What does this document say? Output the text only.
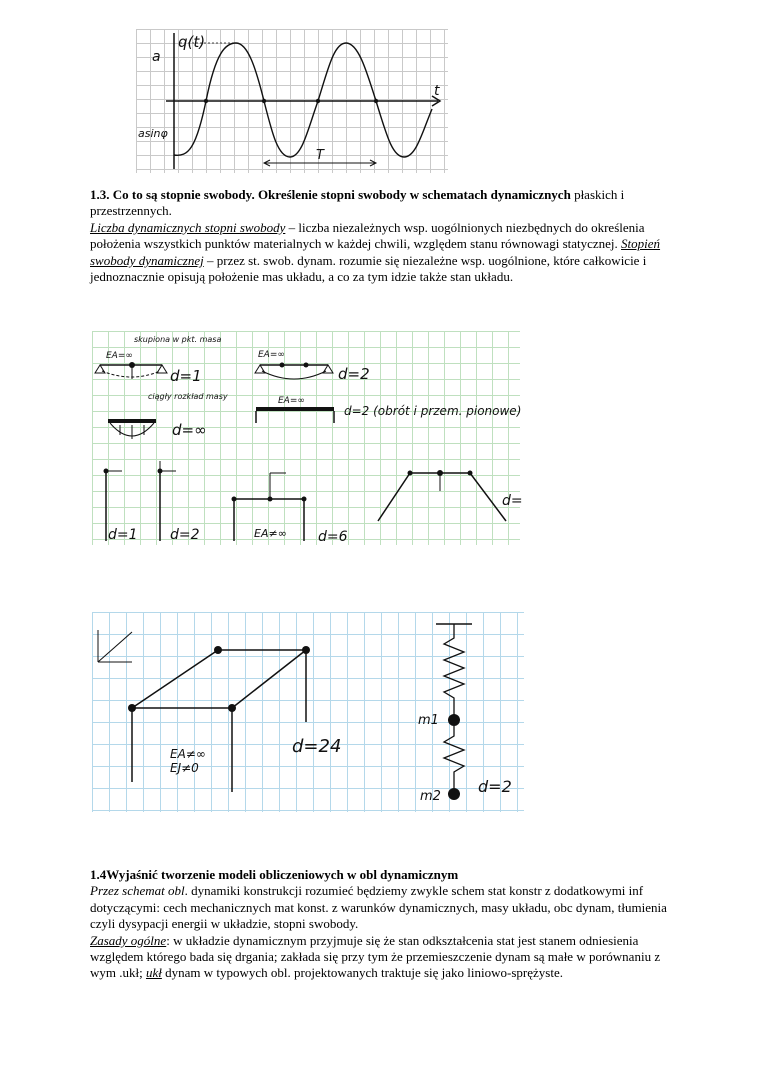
q(t)
t
a
asinφ
T

1.3. Co to są stopnie swobody. Określenie stopni swobody w schematach dynamicznych płaskich i przestrzennych.

Liczba dynamicznych stopni swobody – liczba niezależnych wsp. uogólnionych niezbędnych do określenia położenia wszystkich punktów materialnych w każdej chwili, względem stanu równowagi statycznej. Stopień swobody dynamicznej – przez st. swob. dynam. rozumie się niezależne wsp. uogólnione, które całkowicie i jednoznacznie opisują położenie mas układu, a co za tym idzie także stan układu.

skupiona w pkt. masa
EA=∞
d=1
EA=∞
d=2
ciągły rozkład masy
d=∞
EA=∞
d=2 (obrót i przem. pionowe)
d=1 d=2	EA≠∞ d=6
d=
EA≠∞
EJ≠0
d=24
m1
m2
d=2

1.4Wyjaśnić tworzenie modeli obliczeniowych w obl dynamicznym

Przez schemat obl. dynamiki konstrukcji rozumieć będziemy zwykle schem stat konstr z dodatkowymi inf dotyczącymi: cech mechanicznych mat konst. z warunków dynamicznych, masy układu, obc dynam, tłumienia czyli dysypacji energii w układzie, stopni swobody.

Zasady ogólne: w układzie dynamicznym przyjmuje się że stan odkształcenia stat jest stanem odniesienia względem którego bada się drgania; zakłada się przy tym że przemieszczenie dynam są małe w porównaniu z wym .ukł; ukł dynam w typowych obl. projektowanych traktuje się jako liniowo-sprężyste.
